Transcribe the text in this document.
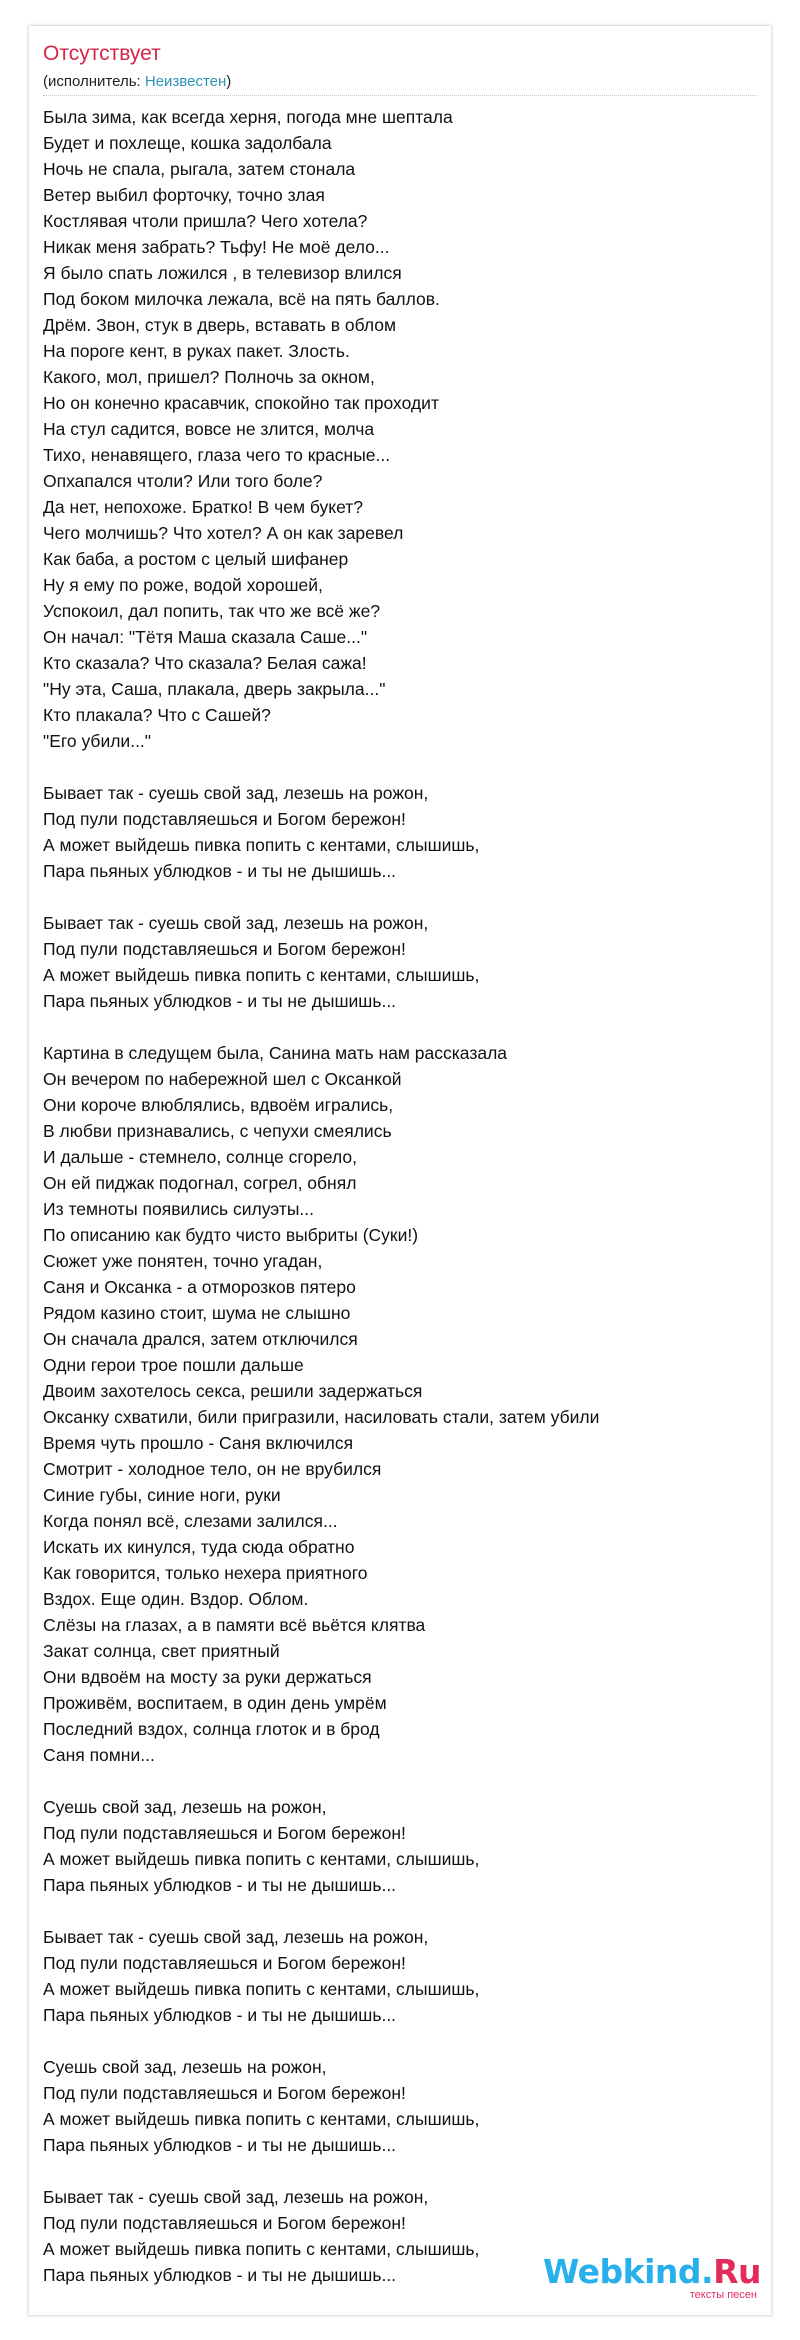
Отсутствует
(исполнитель: Неизвестен)
Была зима, как всегда херня, погода мне шептала
Будет и похлеще, кошка задолбала
Ночь не спала, рыгала, затем стонала
Ветер выбил форточку, точно злая
Костлявая чтоли пришла? Чего хотела?
Никак меня забрать? Тьфу! Не моё дело...
Я было спать ложился , в телевизор влился
Под боком милочка лежала, всё на пять баллов.
Дрём. Звон, стук в дверь, вставать в облом
На пороге кент, в руках пакет. Злость.
Какого, мол, пришел? Полночь за окном,
Но он конечно красавчик, спокойно так проходит
На стул садится, вовсе не злится, молча
Тихо, ненавящего, глаза чего то красные...
Опхапался чтоли? Или того боле?
Да нет, непохоже. Братко! В чем букет?
Чего молчишь? Что хотел? А он как заревел
Как баба, а ростом с целый шифанер
Ну я ему по роже, водой хорошей,
Успокоил, дал попить, так что же всё же?
Он начал: "Тётя Маша сказала Саше..."
Кто сказала? Что сказала? Белая сажа!
"Ну эта, Саша, плакала, дверь закрыла..."
Кто плакала? Что с Сашей?
"Его убили..."
Бывает так - суешь свой зад, лезешь на рожон,
Под пули подставляешься и Богом бережон!
А может выйдешь пивка попить с кентами, слышишь,
Пара пьяных ублюдков - и ты не дышишь...
Бывает так - суешь свой зад, лезешь на рожон,
Под пули подставляешься и Богом бережон!
А может выйдешь пивка попить с кентами, слышишь,
Пара пьяных ублюдков - и ты не дышишь...
Картина в следущем была, Санина мать нам рассказала
Он вечером по набережной шел с Оксанкой
Они короче влюблялись, вдвоём игрались,
В любви признавались, с чепухи смеялись
И дальше - стемнело, солнце сгорело,
Он ей пиджак подогнал, согрел, обнял
Из темноты появились силуэты...
По описанию как будто чисто выбриты (Суки!)
Сюжет уже понятен, точно угадан,
Саня и Оксанка - а отморозков пятеро
Рядом казино стоит, шума не слышно
Он сначала дрался, затем отключился
Одни герои трое пошли дальше
Двоим захотелось секса, решили задержаться
Оксанку схватили, били пригразили, насиловать стали, затем убили
Время чуть прошло - Саня включился
Смотрит - холодное тело, он не врубился
Синие губы, синие ноги, руки
Когда понял всё, слезами залился...
Искать их кинулся, туда сюда обратно
Как говорится, только нехера приятного
Вздох. Еще один. Вздор. Облом.
Слёзы на глазах, а в памяти всё вьётся клятва
Закат солнца, свет приятный
Они вдвоём на мосту за руки держаться
Проживём, воспитаем, в один день умрём
Последний вздох, солнца глоток и в брод
Саня помни...
Суешь свой зад, лезешь на рожон,
Под пули подставляешься и Богом бережон!
А может выйдешь пивка попить с кентами, слышишь,
Пара пьяных ублюдков - и ты не дышишь...
Бывает так - суешь свой зад, лезешь на рожон,
Под пули подставляешься и Богом бережон!
А может выйдешь пивка попить с кентами, слышишь,
Пара пьяных ублюдков - и ты не дышишь...
Суешь свой зад, лезешь на рожон,
Под пули подставляешься и Богом бережон!
А может выйдешь пивка попить с кентами, слышишь,
Пара пьяных ублюдков - и ты не дышишь...
Бывает так - суешь свой зад, лезешь на рожон,
Под пули подставляешься и Богом бережон!
А может выйдешь пивка попить с кентами, слышишь,
Пара пьяных ублюдков - и ты не дышишь...	Webkind.Ru
тексты песен
